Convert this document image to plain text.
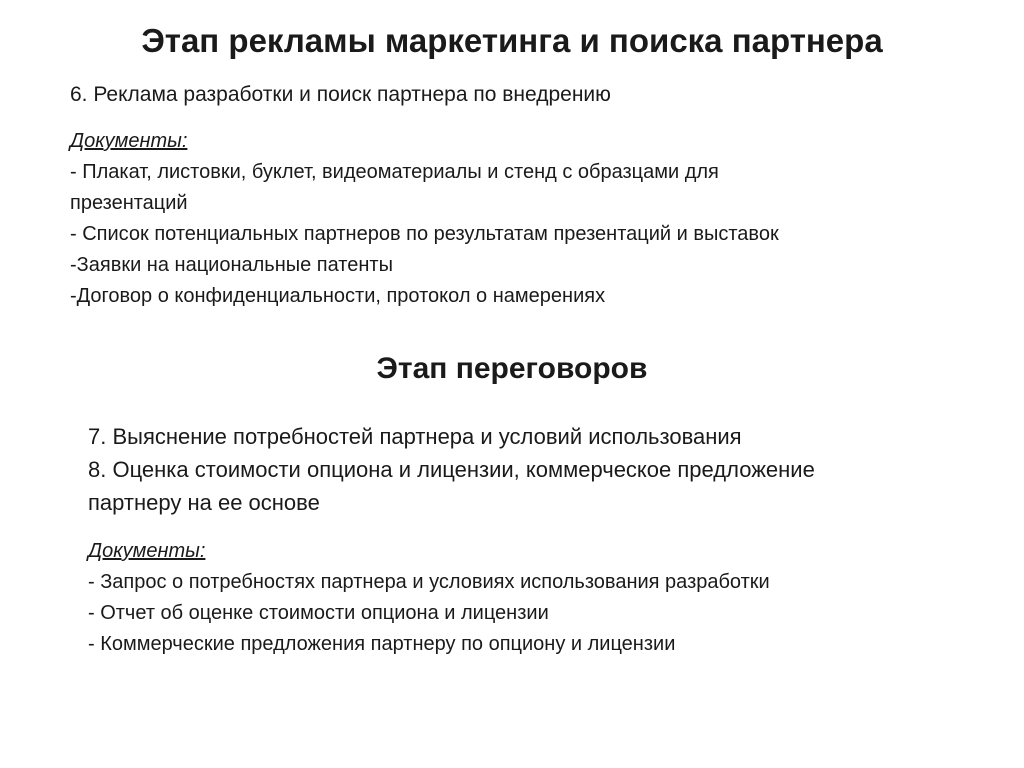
Этап рекламы маркетинга и поиска партнера
6. Реклама разработки и поиск партнера по внедрению
Документы:
- Плакат, листовки, буклет, видеоматериалы и стенд с образцами для
презентаций
- Список потенциальных партнеров по результатам презентаций и выставок
-Заявки на национальные патенты
-Договор о конфиденциальности, протокол о намерениях
Этап переговоров
7. Выяснение потребностей партнера и условий использования
8. Оценка стоимости опциона и лицензии, коммерческое предложение
партнеру на ее основе
Документы:
- Запрос о потребностях партнера и условиях использования разработки
- Отчет об оценке стоимости опциона и лицензии
- Коммерческие предложения партнеру по опциону и лицензии
